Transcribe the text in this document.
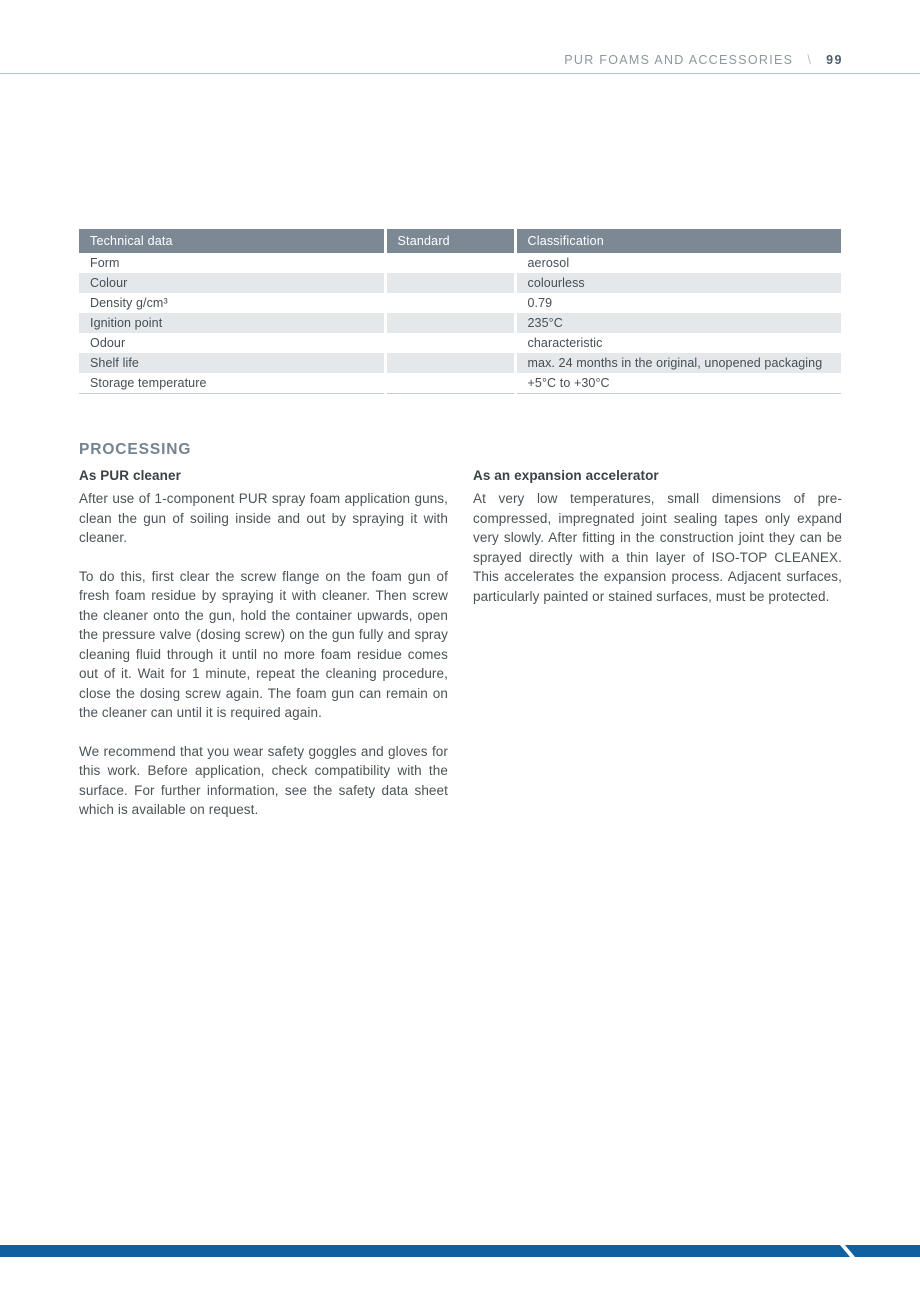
PUR FOAMS AND ACCESSORIES \ 99
Technical data	Standard	Classification
Form		aerosol
Colour		colourless
Density g/cm³		0.79
Ignition point		235°C
Odour		characteristic
Shelf life		max. 24 months in the original, unopened packaging
Storage temperature		+5°C to +30°C
PROCESSING
As PUR cleaner

After use of 1-component PUR spray foam application guns, clean the gun of soiling inside and out by spraying it with cleaner.

To do this, first clear the screw flange on the foam gun of fresh foam residue by spraying it with cleaner. Then screw the cleaner onto the gun, hold the container upwards, open the pressure valve (dosing screw) on the gun fully and spray cleaning fluid through it until no more foam residue comes out of it. Wait for 1 minute, repeat the cleaning procedure, close the dosing screw again. The foam gun can remain on the cleaner can until it is required again.

We recommend that you wear safety goggles and gloves for this work. Before application, check compatibility with the surface. For further information, see the safety data sheet which is available on request.

As an expansion accelerator

At very low temperatures, small dimensions of pre-compressed, impregnated joint sealing tapes only expand very slowly. After fitting in the construction joint they can be sprayed directly with a thin layer of ISO-TOP CLEANEX. This accelerates the expansion process. Adjacent surfaces, particularly painted or stained surfaces, must be protected.
